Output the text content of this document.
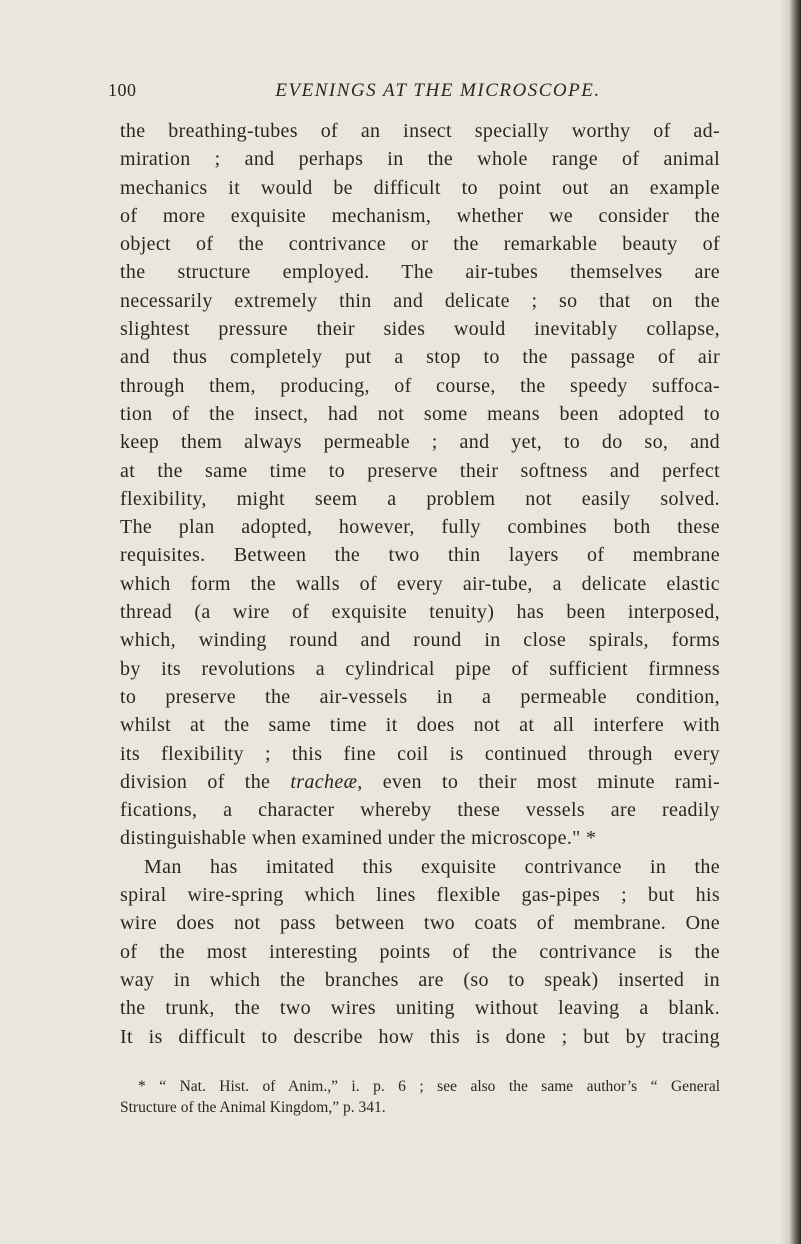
100	EVENINGS AT THE MICROSCOPE.
the breathing-tubes of an insect specially worthy of ad-
miration ; and perhaps in the whole range of animal
mechanics it would be difficult to point out an example
of more exquisite mechanism, whether we consider the
object of the contrivance or the remarkable beauty of
the structure employed. The air-tubes themselves are
necessarily extremely thin and delicate ; so that on the
slightest pressure their sides would inevitably collapse,
and thus completely put a stop to the passage of air
through them, producing, of course, the speedy suffoca-
tion of the insect, had not some means been adopted to
keep them always permeable ; and yet, to do so, and
at the same time to preserve their softness and perfect
flexibility, might seem a problem not easily solved.
The plan adopted, however, fully combines both these
requisites. Between the two thin layers of membrane
which form the walls of every air-tube, a delicate elastic
thread (a wire of exquisite tenuity) has been interposed,
which, winding round and round in close spirals, forms
by its revolutions a cylindrical pipe of sufficient firmness
to preserve the air-vessels in a permeable condition,
whilst at the same time it does not at all interfere with
its flexibility ; this fine coil is continued through every
division of the tracheæ, even to their most minute rami-
fications, a character whereby these vessels are readily
distinguishable when examined under the microscope." *
Man has imitated this exquisite contrivance in the
spiral wire-spring which lines flexible gas-pipes ; but his
wire does not pass between two coats of membrane. One
of the most interesting points of the contrivance is the
way in which the branches are (so to speak) inserted in
the trunk, the two wires uniting without leaving a blank.
It is difficult to describe how this is done ; but by tracing
* “ Nat. Hist. of Anim.,” i. p. 6 ; see also the same author’s “ General
Structure of the Animal Kingdom,” p. 341.
